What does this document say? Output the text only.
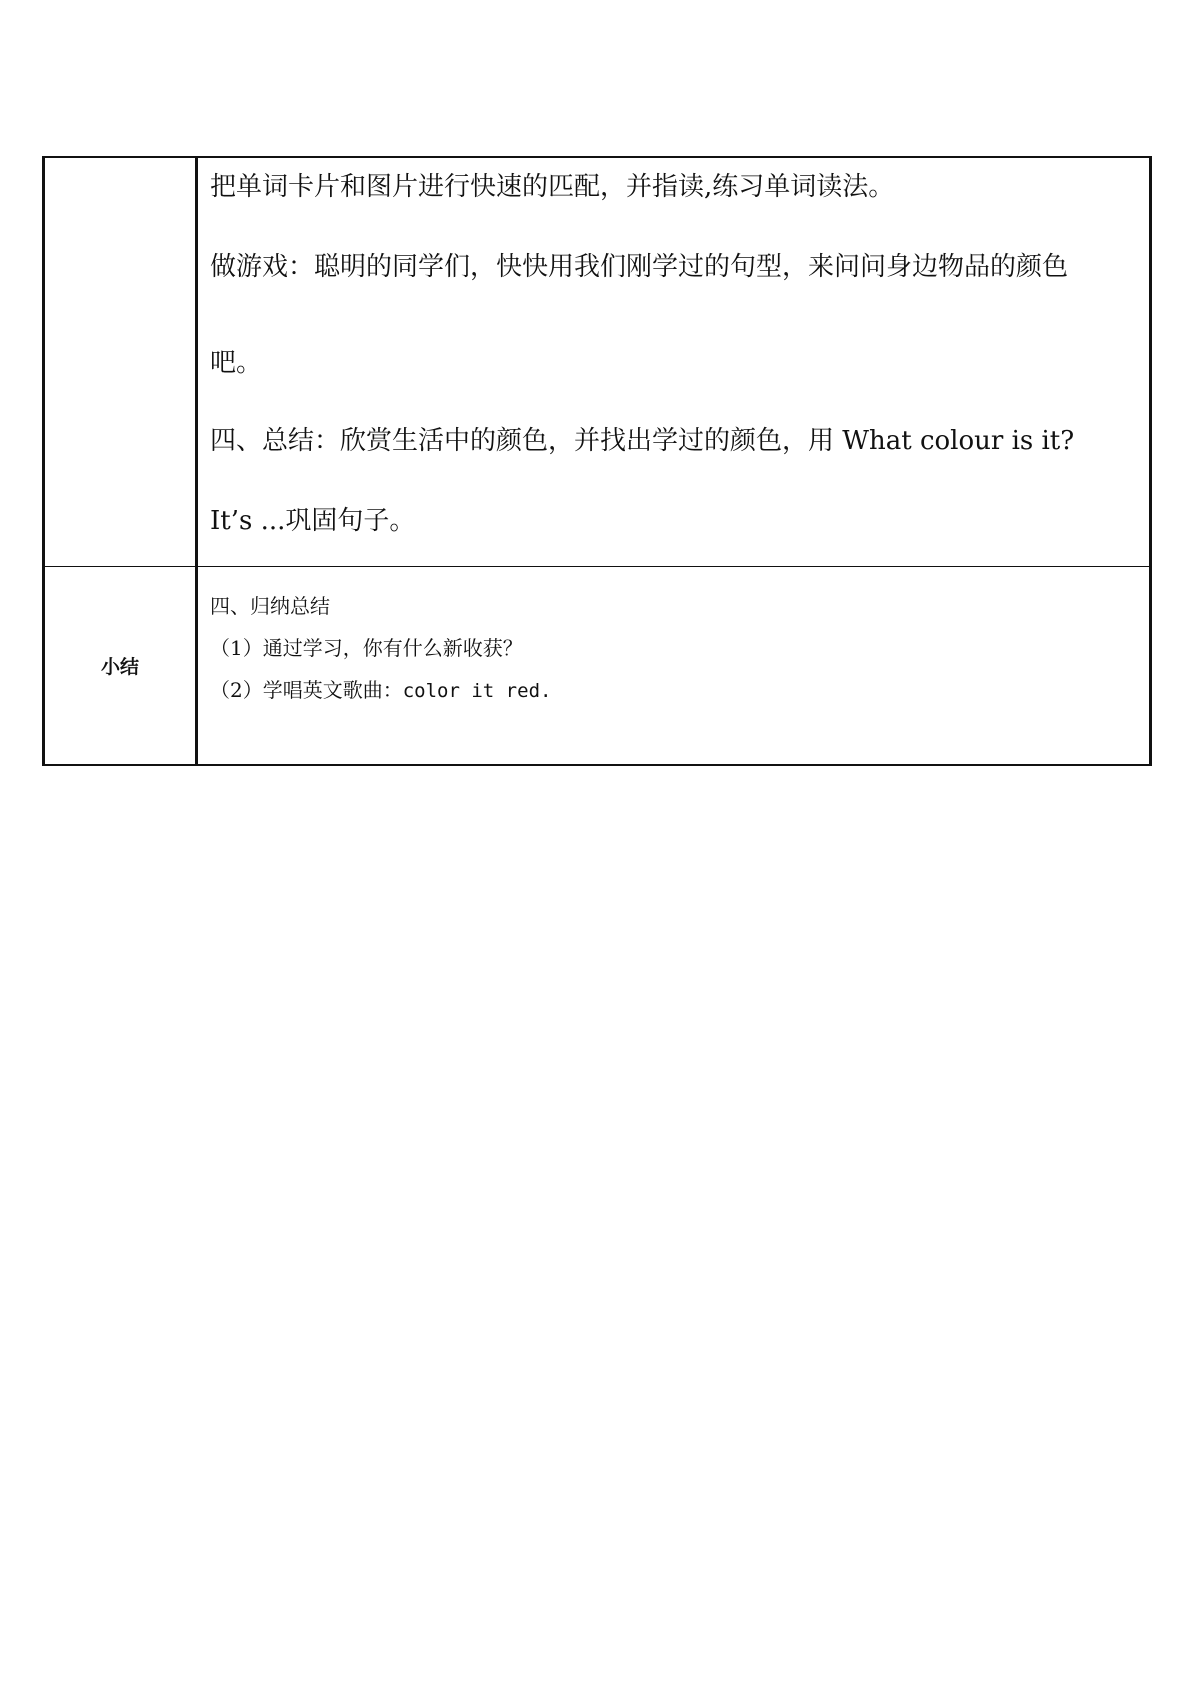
	把单词卡片和图片进行快速的匹配，并指读,练习单词读法。

做游戏：聪明的同学们，快快用我们刚学过的句型，来问问身边物品的颜色

吧。

四、总结：欣赏生活中的颜色，并找出学过的颜色，用 What colour is it?

It’s ...巩固句子。

小结	四、归纳总结
（1）通过学习，你有什么新收获？
（2）学唱英文歌曲：color it red.
